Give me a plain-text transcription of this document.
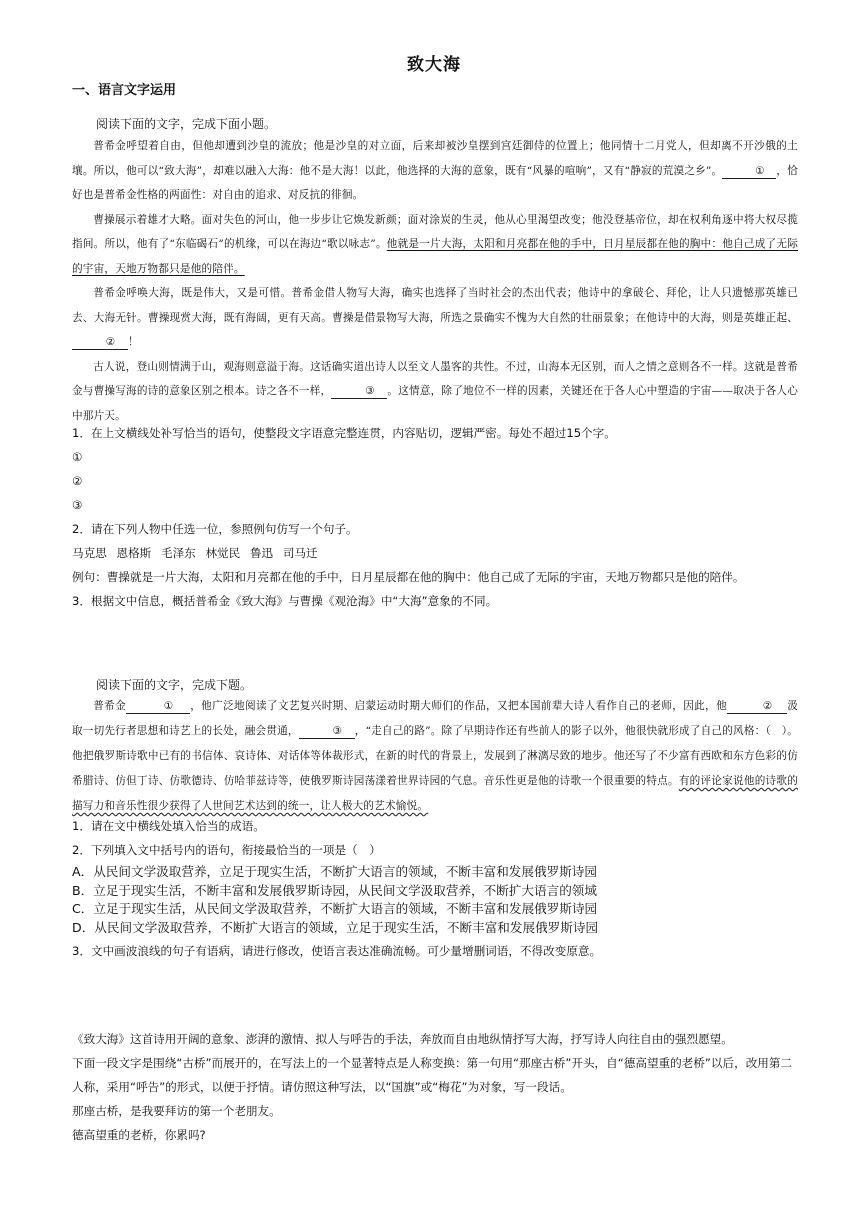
致大海
一、语言文字运用

阅读下面的文字，完成下面小题。

普希金呼望着自由，但他却遭到沙皇的流放；他是沙皇的对立面，后来却被沙皇摆到宫廷御侍的位置上；他同情十二月党人，但却离不开沙俄的土壤。所以，他可以“致大海”，却难以融入大海：他不是大海！以此，他选择的大海的意象，既有“风暴的喧响”，又有“静寂的荒漠之乡”。	① ，恰好也是普希金性格的两面性：对自由的追求、对反抗的徘徊。

曹操展示着雄才大略。面对失色的河山，他一步步让它焕发新颜；面对涂炭的生灵，他从心里渴望改变；他没登基帝位，却在权利角逐中将大权尽揽指间。所以，他有了“东临碣石”的机缘，可以在海边“歌以咏志”。他就是一片大海，太阳和月亮都在他的手中，日月星辰都在他的胸中：他自己成了无际的宇宙，天地万物都只是他的陪伴。

普希金呼唤大海，既是伟大，又是可惜。普希金借人物写大海，确实也选择了当时社会的杰出代表；他诗中的拿破仑、拜伦，让人只遗憾那英雄已去、大海无针。曹操现赏大海，既有海阔，更有天高。曹操是借景物写大海，所选之景确实不愧为大自然的壮丽景象；在他诗中的大海，则是英雄正起、② ！

古人说，登山则情满于山，观海则意溢于海。这话确实道出诗人以至文人墨客的共性。不过，山海本无区别，而人之情之意则各不一样。这就是普希金与曹操写海的诗的意象区别之根本。诗之各不一样，	③ 。这情意，除了地位不一样的因素，关键还在于各人心中塑造的宇宙——取决于各人心中那片天。

1．在上文横线处补写恰当的语句，使整段文字语意完整连贯，内容贴切，逻辑严密。每处不超过15个字。

①

②

③

2．请在下列人物中任选一位，参照例句仿写一个句子。

马克思 恩格斯 毛泽东 林觉民 鲁迅 司马迁

例句：曹操就是一片大海，太阳和月亮都在他的手中，日月星辰都在他的胸中：他自己成了无际的宇宙，天地万物都只是他的陪伴。

3．根据文中信息，概括普希金《致大海》与曹操《观沧海》中“大海”意象的不同。

阅读下面的文字，完成下题。

普希金	① ，他广泛地阅读了文艺复兴时期、启蒙运动时期大师们的作品，又把本国前辈大诗人看作自己的老师，因此，他	② 汲取一切先行者思想和诗艺上的长处，融会贯通，	③ ，“走自己的路”。除了早期诗作还有些前人的影子以外，他很快就形成了自己的风格：（　）。他把俄罗斯诗歌中已有的书信体、哀诗体、对话体等体裁形式，在新的时代的背景上，发展到了淋漓尽致的地步。他还写了不少富有西欧和东方色彩的仿希腊诗、仿但丁诗、仿歌德诗、仿哈菲兹诗等，使俄罗斯诗园荡漾着世界诗园的气息。音乐性更是他的诗歌一个很重要的特点。有的评论家说他的诗歌的描写力和音乐性很少获得了人世间艺术达到的统一，让人极大的艺术愉悦。

1．请在文中横线处填入恰当的成语。

2．下列填入文中括号内的语句，衔接最恰当的一项是（　）

A．从民间文学汲取营养，立足于现实生活，不断扩大语言的领域，不断丰富和发展俄罗斯诗园

B．立足于现实生活，不断丰富和发展俄罗斯诗园，从民间文学汲取营养，不断扩大语言的领域

C．立足于现实生活，从民间文学汲取营养，不断扩大语言的领域，不断丰富和发展俄罗斯诗园

D．从民间文学汲取营养，不断扩大语言的领域，立足于现实生活，不断丰富和发展俄罗斯诗园

3．文中画波浪线的句子有语病，请进行修改，使语言表达准确流畅。可少量增删词语，不得改变原意。

《致大海》这首诗用开阔的意象、澎湃的激情、拟人与呼告的手法，奔放而自由地纵情抒写大海，抒写诗人向往自由的强烈愿望。

下面一段文字是围绕“古桥”而展开的，在写法上的一个显著特点是人称变换：第一句用“那座古桥”开头，自“德高望重的老桥”以后，改用第二人称，采用“呼告”的形式，以便于抒情。请仿照这种写法，以“国旗”或“梅花”为对象，写一段话。

那座古桥，是我要拜访的第一个老朋友。

德高望重的老桥，你累吗?
